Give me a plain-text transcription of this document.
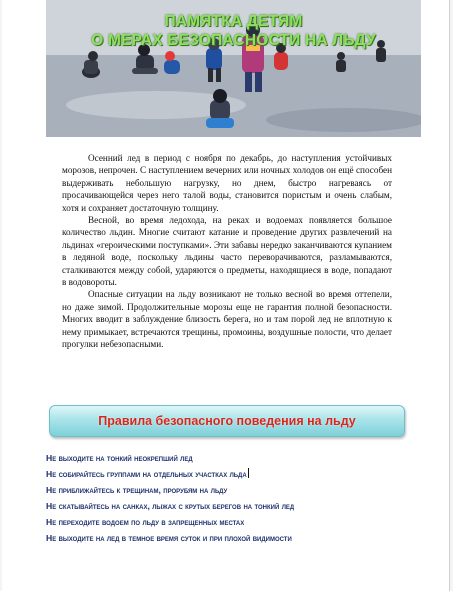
ПАМЯТКА ДЕТЯМ
О МЕРАХ БЕЗОПАСНОСТИ НА ЛЬДУ

Осенний лед в период с ноября по декабрь, до наступления устойчивых морозов, непрочен. С наступлением вечерних или ночных холодов он ещё способен выдерживать небольшую нагрузку, но днем, быстро нагреваясь от просачивающейся через него талой воды, становится пористым и очень слабым, хотя и сохраняет достаточную толщину.

Весной, во время ледохода, на реках и водоемах появляется большое количество льдин. Многие считают катание и проведение других развлечений на льдинах «героическими поступками». Эти забавы нередко заканчиваются купанием в ледяной воде, поскольку льдины часто переворачиваются, разламываются, сталкиваются между собой, ударяются о предметы, находящиеся в воде, попадают в водовороты.

Опасные ситуации на льду возникают не только весной во время оттепели, но даже зимой. Продолжительные морозы еще не гарантия полной безопасности. Многих вводит в заблуждение близость берега, но и там порой лед не вплотную к нему примыкает, встречаются трещины, промоины, воздушные полости, что делает прогулки небезопасными.

Правила безопасного поведения на льду
Не выходите на тонкий неокрепший лед
Не собирайтесь группами на отдельных участках льда
Не приближайтесь к трещинам, прорубям на льду
Не скатывайтесь на санках, лыжах с крутых берегов на тонкий лед
Не переходите водоем по льду в запрещенных местах
Не выходите на лед в темное время суток и при плохой видимости
